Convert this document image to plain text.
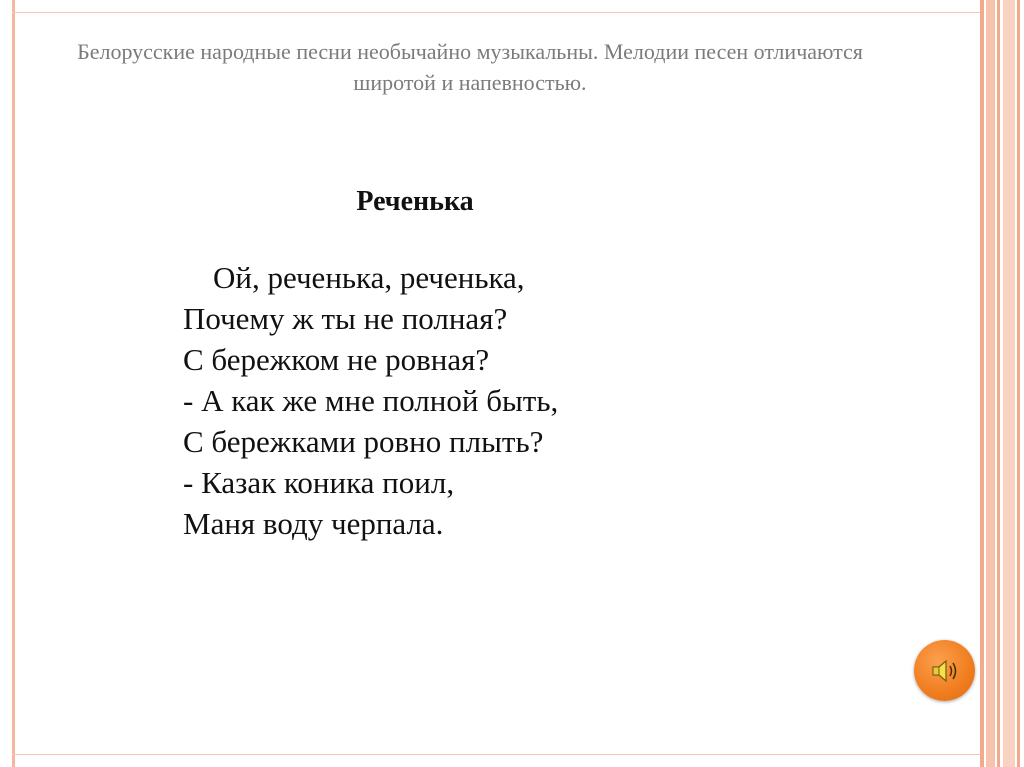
Белорусские народные песни необычайно музыкальны. Мелодии песен отличаются широтой и напевностью.

Реченька
Ой, реченька, реченька,
Почему ж ты не полная?
С бережком не ровная?
- А как же мне полной быть,
С бережками ровно плыть?
- Казак коника поил,
Маня воду черпала.
